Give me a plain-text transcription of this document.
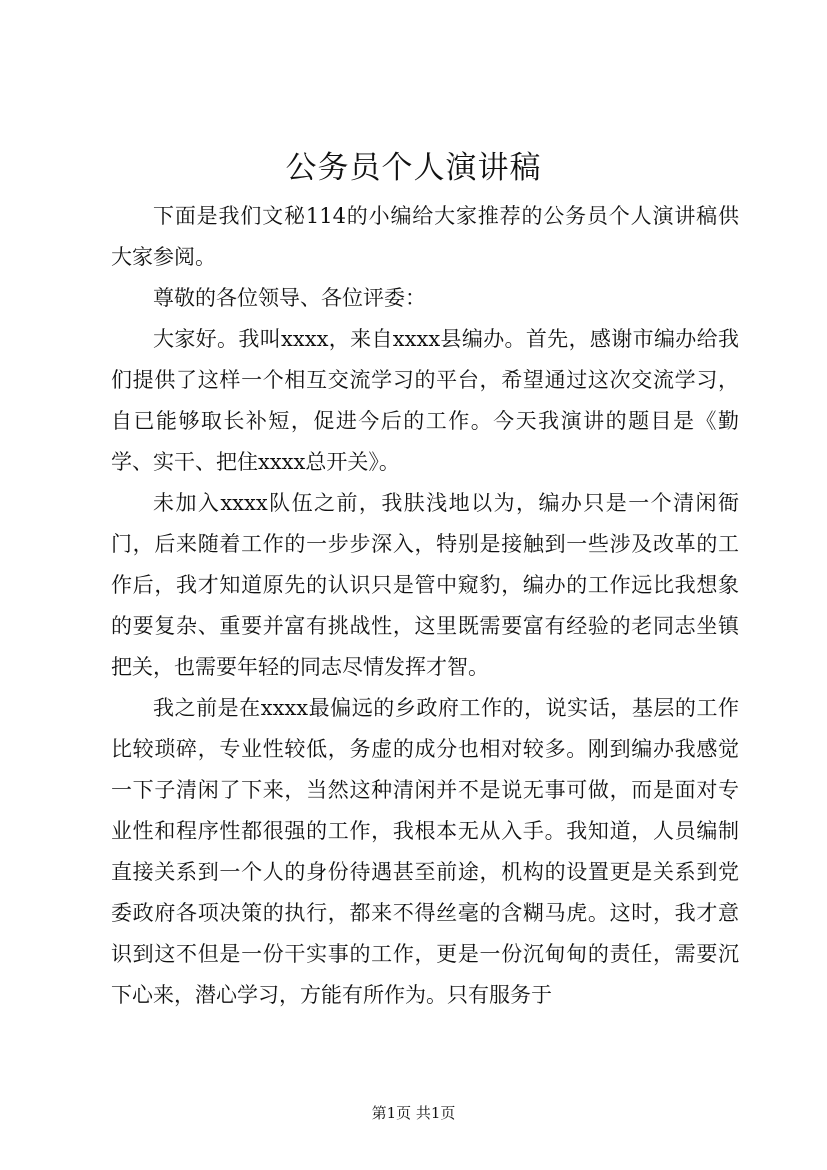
公务员个人演讲稿

下面是我们文秘114的小编给大家推荐的公务员个人演讲稿供大家参阅。

尊敬的各位领导、各位评委：

大家好。我叫xxxx，来自xxxx县编办。首先，感谢市编办给我们提供了这样一个相互交流学习的平台，希望通过这次交流学习，自已能够取长补短，促进今后的工作。今天我演讲的题目是《勤学、实干、把住xxxx总开关》。

未加入xxxx队伍之前，我肤浅地以为，编办只是一个清闲衙门，后来随着工作的一步步深入，特别是接触到一些涉及改革的工作后，我才知道原先的认识只是管中窥豹，编办的工作远比我想象的要复杂、重要并富有挑战性，这里既需要富有经验的老同志坐镇把关，也需要年轻的同志尽情发挥才智。

我之前是在xxxx最偏远的乡政府工作的，说实话，基层的工作比较琐碎，专业性较低，务虚的成分也相对较多。刚到编办我感觉一下子清闲了下来，当然这种清闲并不是说无事可做，而是面对专业性和程序性都很强的工作，我根本无从入手。我知道，人员编制直接关系到一个人的身份待遇甚至前途，机构的设置更是关系到党委政府各项决策的执行，都来不得丝毫的含糊马虎。这时，我才意识到这不但是一份干实事的工作，更是一份沉甸甸的责任，需要沉下心来，潜心学习，方能有所作为。只有服务于

第1页 共1页
